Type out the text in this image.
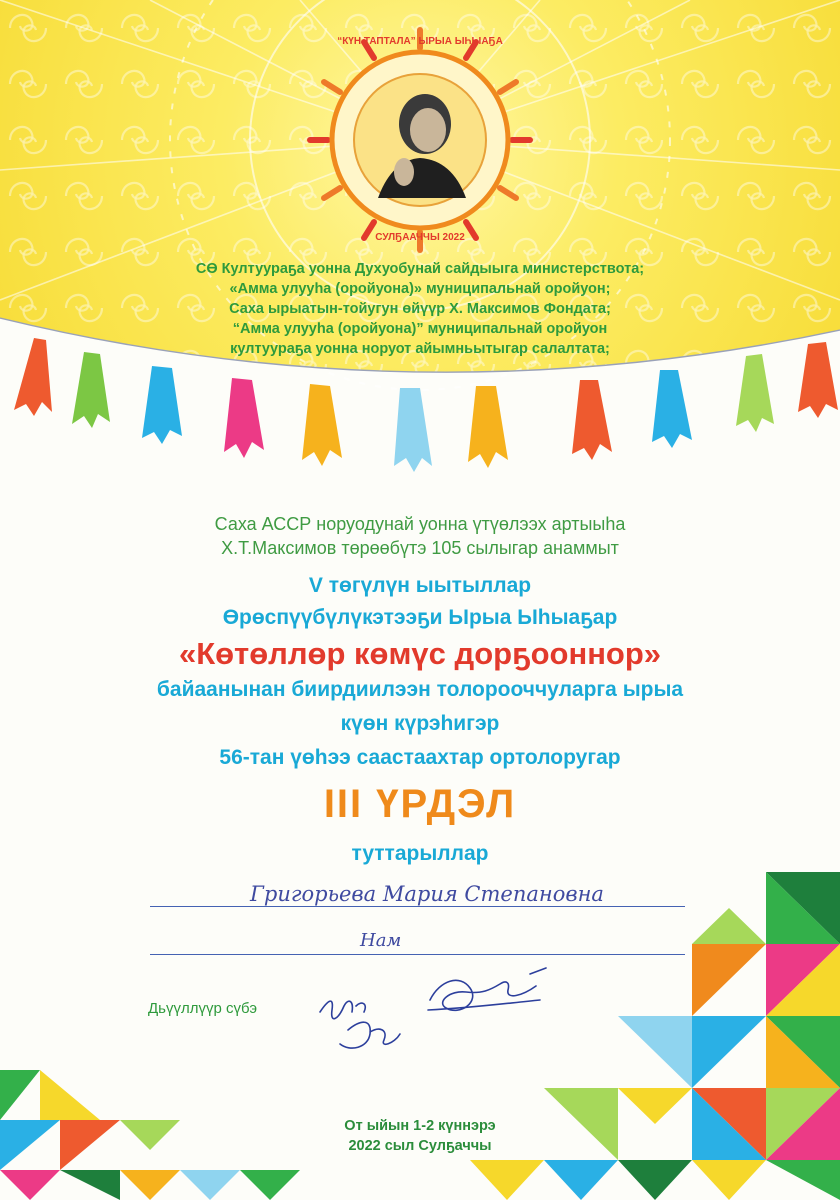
“КҮН ТАПТАЛА” ЫРЫА ЫҺЫАҔА
СУЛҔААЧЧЫ 2022
СӨ Култуураҕа уонна Духуобунай сайдыыга министерствота;
«Амма улууһа (оройуона)» муниципальнай оройуон;
Саха ырыатын-тойугун өйүүр Х. Максимов Фондата;
“Амма улууһа (оройуона)” муниципальнай оройуон
култуураҕа уонна норуот айымньытыгар салалтата;
Саха АССР норуодунай уонна үтүөлээх артыыһа
Х.Т.Максимов төрөөбүтэ 105 сылыгар анаммыт
V төгүлүн ыытыллар
Өрөспүүбүлүкэтээҕи Ырыа Ыһыаҕар
«Көтөллөр көмүс дорҕооннор»
байаанынан биирдиилээн толорооччуларга ырыа
күөн күрэһигэр
56-тан үөһээ саастаахтар ортолоругар
III ҮРДЭЛ
туттарыллар
Григорьева Мария Степановна
Нам
Дьүүллүүр сүбэ
От ыйын 1-2 күннэрэ
2022 сыл Сулҕаччы
